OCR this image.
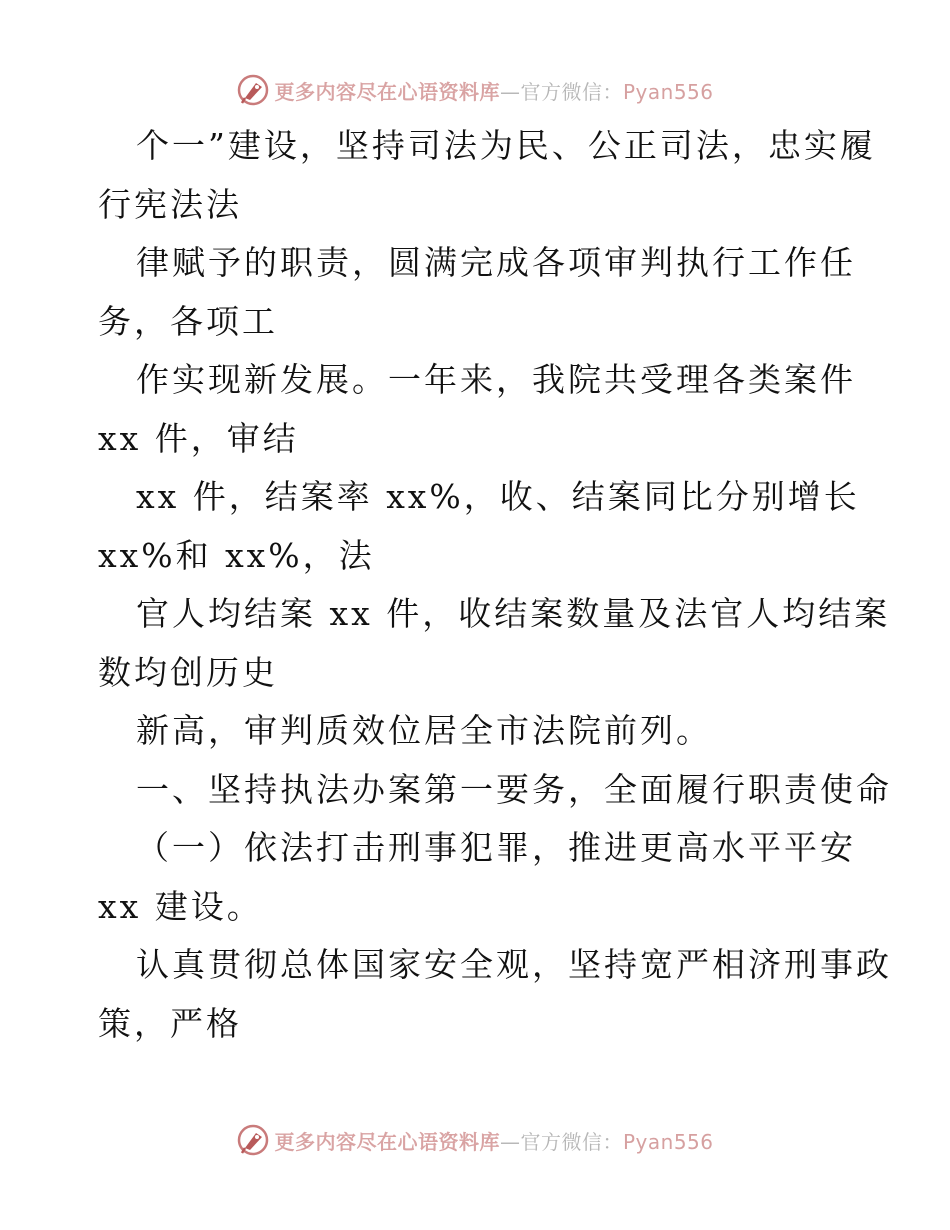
更多内容尽在心语资料库—官方微信：Pyan556
个一”建设，坚持司法为民、公正司法，忠实履
行宪法法
律赋予的职责，圆满完成各项审判执行工作任
务，各项工
作实现新发展。一年来，我院共受理各类案件
xx 件，审结
xx 件，结案率 xx%，收、结案同比分别增长
xx%和 xx%，法
官人均结案 xx 件，收结案数量及法官人均结案
数均创历史
新高，审判质效位居全市法院前列。
一、坚持执法办案第一要务，全面履行职责使命
（一）依法打击刑事犯罪，推进更高水平平安
xx 建设。
认真贯彻总体国家安全观，坚持宽严相济刑事政
策，严格
更多内容尽在心语资料库—官方微信：Pyan556
